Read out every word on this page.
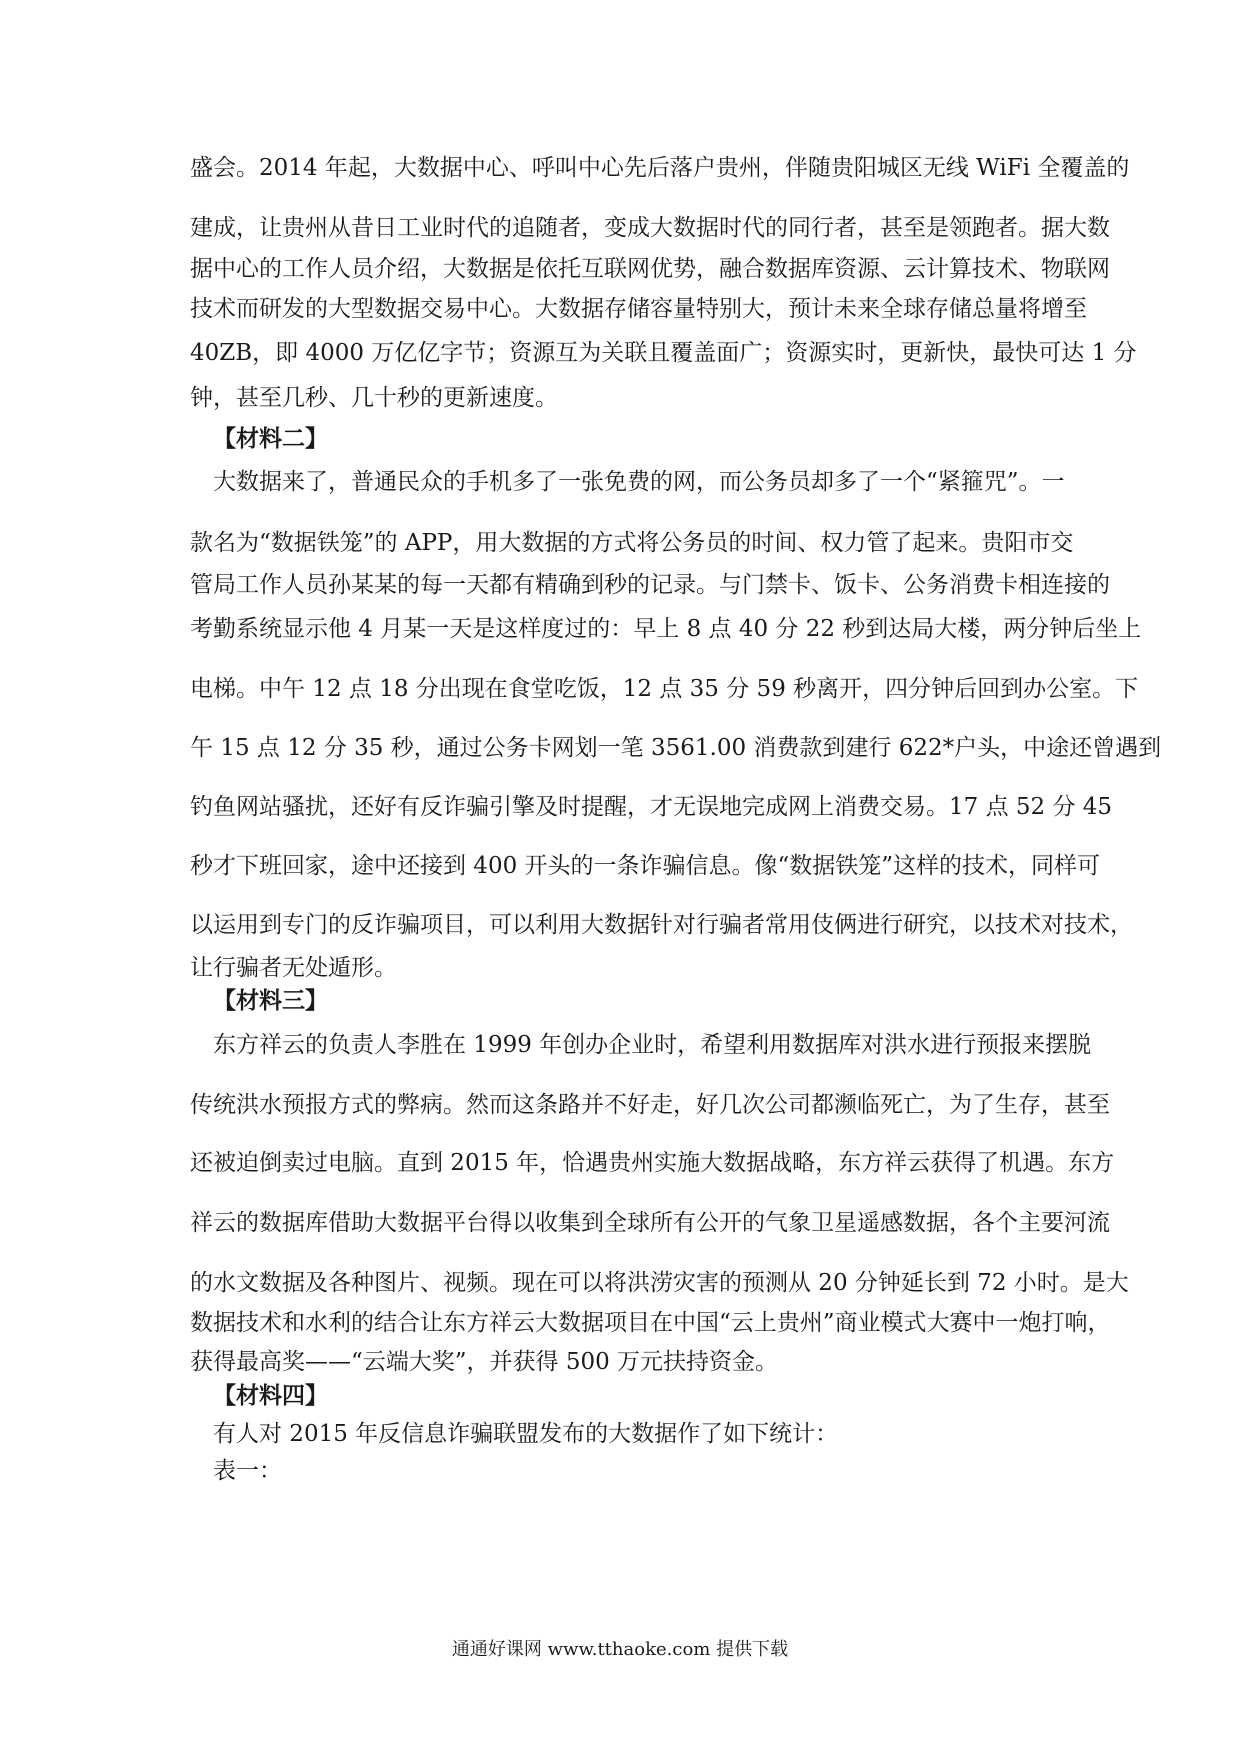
盛会。2014 年起，大数据中心、呼叫中心先后落户贵州，伴随贵阳城区无线 WiFi 全覆盖的
建成，让贵州从昔日工业时代的追随者，变成大数据时代的同行者，甚至是领跑者。据大数
据中心的工作人员介绍，大数据是依托互联网优势，融合数据库资源、云计算技术、物联网
技术而研发的大型数据交易中心。大数据存储容量特别大，预计未来全球存储总量将增至
40ZB，即 4000 万亿亿字节；资源互为关联且覆盖面广；资源实时，更新快，最快可达 1 分
钟，甚至几秒、几十秒的更新速度。
【材料二】
大数据来了，普通民众的手机多了一张免费的网，而公务员却多了一个“紧箍咒”。一
款名为“数据铁笼”的 APP，用大数据的方式将公务员的时间、权力管了起来。贵阳市交
管局工作人员孙某某的每一天都有精确到秒的记录。与门禁卡、饭卡、公务消费卡相连接的
考勤系统显示他 4 月某一天是这样度过的：早上 8 点 40 分 22 秒到达局大楼，两分钟后坐上
电梯。中午 12 点 18 分出现在食堂吃饭，12 点 35 分 59 秒离开，四分钟后回到办公室。下
午 15 点 12 分 35 秒，通过公务卡网划一笔 3561.00 消费款到建行 622*户头，中途还曾遇到
钓鱼网站骚扰，还好有反诈骗引擎及时提醒，才无误地完成网上消费交易。17 点 52 分 45
秒才下班回家，途中还接到 400 开头的一条诈骗信息。像“数据铁笼”这样的技术，同样可
以运用到专门的反诈骗项目，可以利用大数据针对行骗者常用伎俩进行研究，以技术对技术，
让行骗者无处遁形。
【材料三】
东方祥云的负责人李胜在 1999 年创办企业时，希望利用数据库对洪水进行预报来摆脱
传统洪水预报方式的弊病。然而这条路并不好走，好几次公司都濒临死亡，为了生存，甚至
还被迫倒卖过电脑。直到 2015 年，恰遇贵州实施大数据战略，东方祥云获得了机遇。东方
祥云的数据库借助大数据平台得以收集到全球所有公开的气象卫星遥感数据，各个主要河流
的水文数据及各种图片、视频。现在可以将洪涝灾害的预测从 20 分钟延长到 72 小时。是大
数据技术和水利的结合让东方祥云大数据项目在中国“云上贵州”商业模式大赛中一炮打响，
获得最高奖——“云端大奖”，并获得 500 万元扶持资金。
【材料四】
有人对 2015 年反信息诈骗联盟发布的大数据作了如下统计：
表一：
通通好课网 www.tthaoke.com 提供下载
